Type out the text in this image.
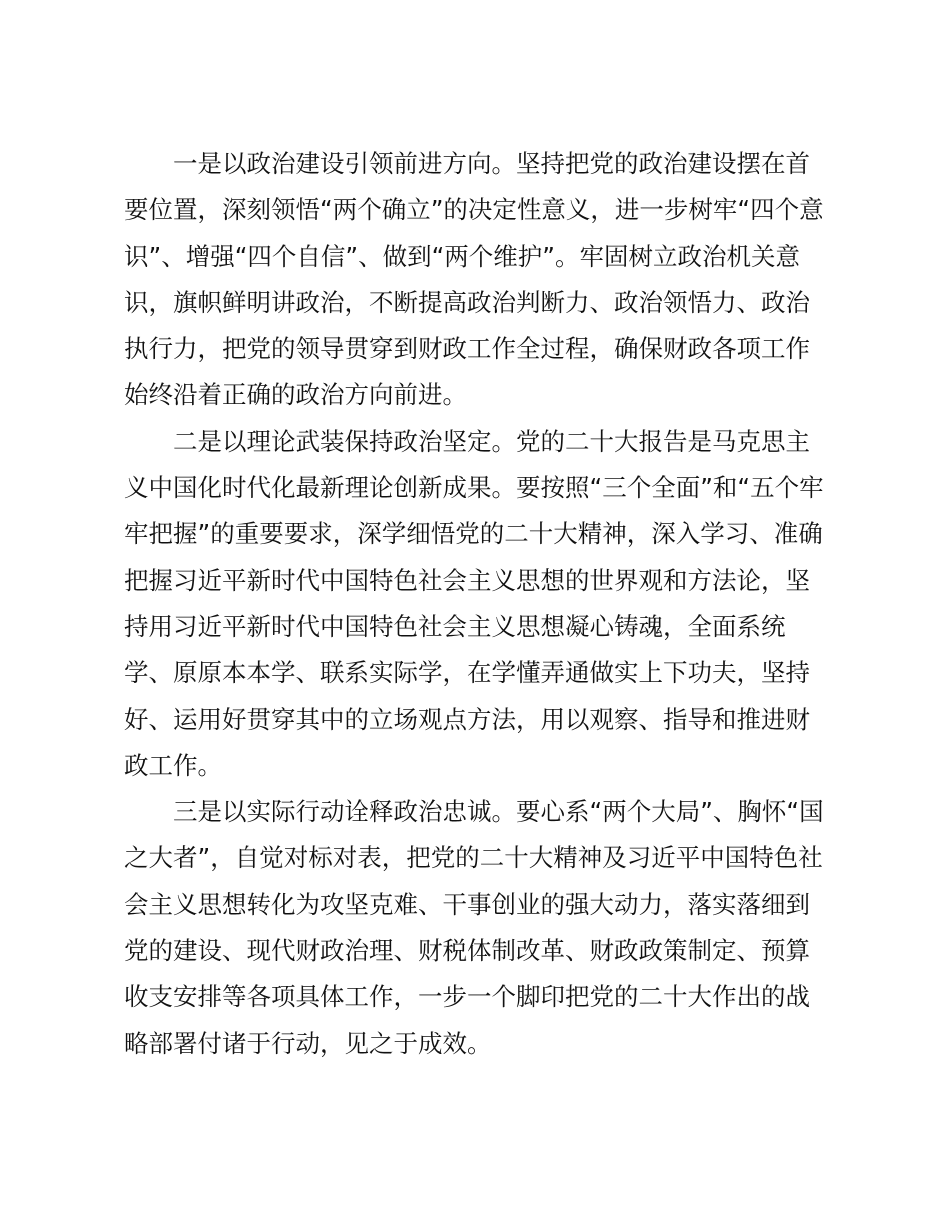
一是以政治建设引领前进方向。坚持把党的政治建设摆在首
要位置，深刻领悟“两个确立”的决定性意义，进一步树牢“四个意
识”、增强“四个自信”、做到“两个维护”。牢固树立政治机关意
识，旗帜鲜明讲政治，不断提高政治判断力、政治领悟力、政治
执行力，把党的领导贯穿到财政工作全过程，确保财政各项工作
始终沿着正确的政治方向前进。
二是以理论武装保持政治坚定。党的二十大报告是马克思主
义中国化时代化最新理论创新成果。要按照“三个全面”和“五个牢
牢把握”的重要要求，深学细悟党的二十大精神，深入学习、准确
把握习近平新时代中国特色社会主义思想的世界观和方法论，坚
持用习近平新时代中国特色社会主义思想凝心铸魂，全面系统
学、原原本本学、联系实际学，在学懂弄通做实上下功夫，坚持
好、运用好贯穿其中的立场观点方法，用以观察、指导和推进财
政工作。
三是以实际行动诠释政治忠诚。要心系“两个大局”、胸怀“国
之大者”，自觉对标对表，把党的二十大精神及习近平中国特色社
会主义思想转化为攻坚克难、干事创业的强大动力，落实落细到
党的建设、现代财政治理、财税体制改革、财政政策制定、预算
收支安排等各项具体工作，一步一个脚印把党的二十大作出的战
略部署付诸于行动，见之于成效。
